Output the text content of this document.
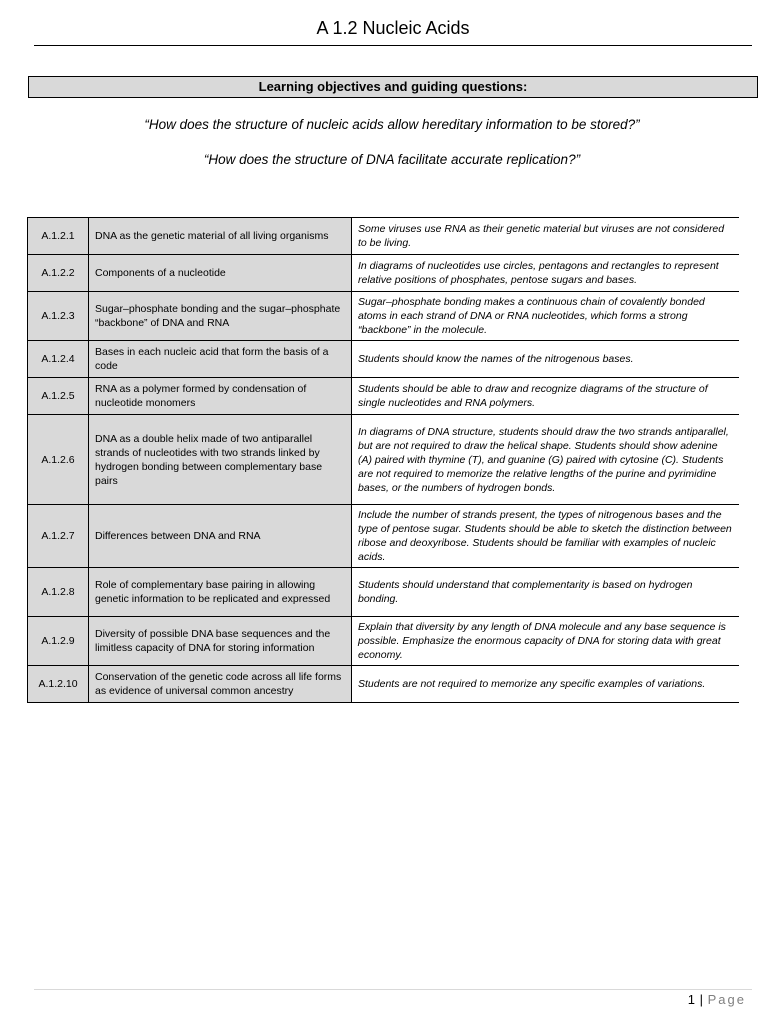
A 1.2 Nucleic Acids
Learning objectives and guiding questions:
“How does the structure of nucleic acids allow hereditary information to be stored?”
“How does the structure of DNA facilitate accurate replication?”
A.1.2.1	DNA as the genetic material of all living organisms	Some viruses use RNA as their genetic material but viruses are not considered to be living.
A.1.2.2	Components of a nucleotide	In diagrams of nucleotides use circles, pentagons and rectangles to represent relative positions of phosphates, pentose sugars and bases.
A.1.2.3	Sugar–phosphate bonding and the sugar–phosphate “backbone” of DNA and RNA	Sugar–phosphate bonding makes a continuous chain of covalently bonded atoms in each strand of DNA or RNA nucleotides, which forms a strong “backbone” in the molecule.
A.1.2.4	Bases in each nucleic acid that form the basis of a code	Students should know the names of the nitrogenous bases.
A.1.2.5	RNA as a polymer formed by condensation of nucleotide monomers	Students should be able to draw and recognize diagrams of the structure of single nucleotides and RNA polymers.
A.1.2.6	DNA as a double helix made of two antiparallel strands of nucleotides with two strands linked by hydrogen bonding between complementary base pairs	In diagrams of DNA structure, students should draw the two strands antiparallel, but are not required to draw the helical shape. Students should show adenine (A) paired with thymine (T), and guanine (G) paired with cytosine (C). Students are not required to memorize the relative lengths of the purine and pyrimidine bases, or the numbers of hydrogen bonds.
A.1.2.7	Differences between DNA and RNA	Include the number of strands present, the types of nitrogenous bases and the type of pentose sugar. Students should be able to sketch the distinction between ribose and deoxyribose. Students should be familiar with examples of nucleic acids.
A.1.2.8	Role of complementary base pairing in allowing genetic information to be replicated and expressed	Students should understand that complementarity is based on hydrogen bonding.
A.1.2.9	Diversity of possible DNA base sequences and the limitless capacity of DNA for storing information	Explain that diversity by any length of DNA molecule and any base sequence is possible. Emphasize the enormous capacity of DNA for storing data with great economy.
A.1.2.10	Conservation of the genetic code across all life forms as evidence of universal common ancestry	Students are not required to memorize any specific examples of variations.
1 | Page
